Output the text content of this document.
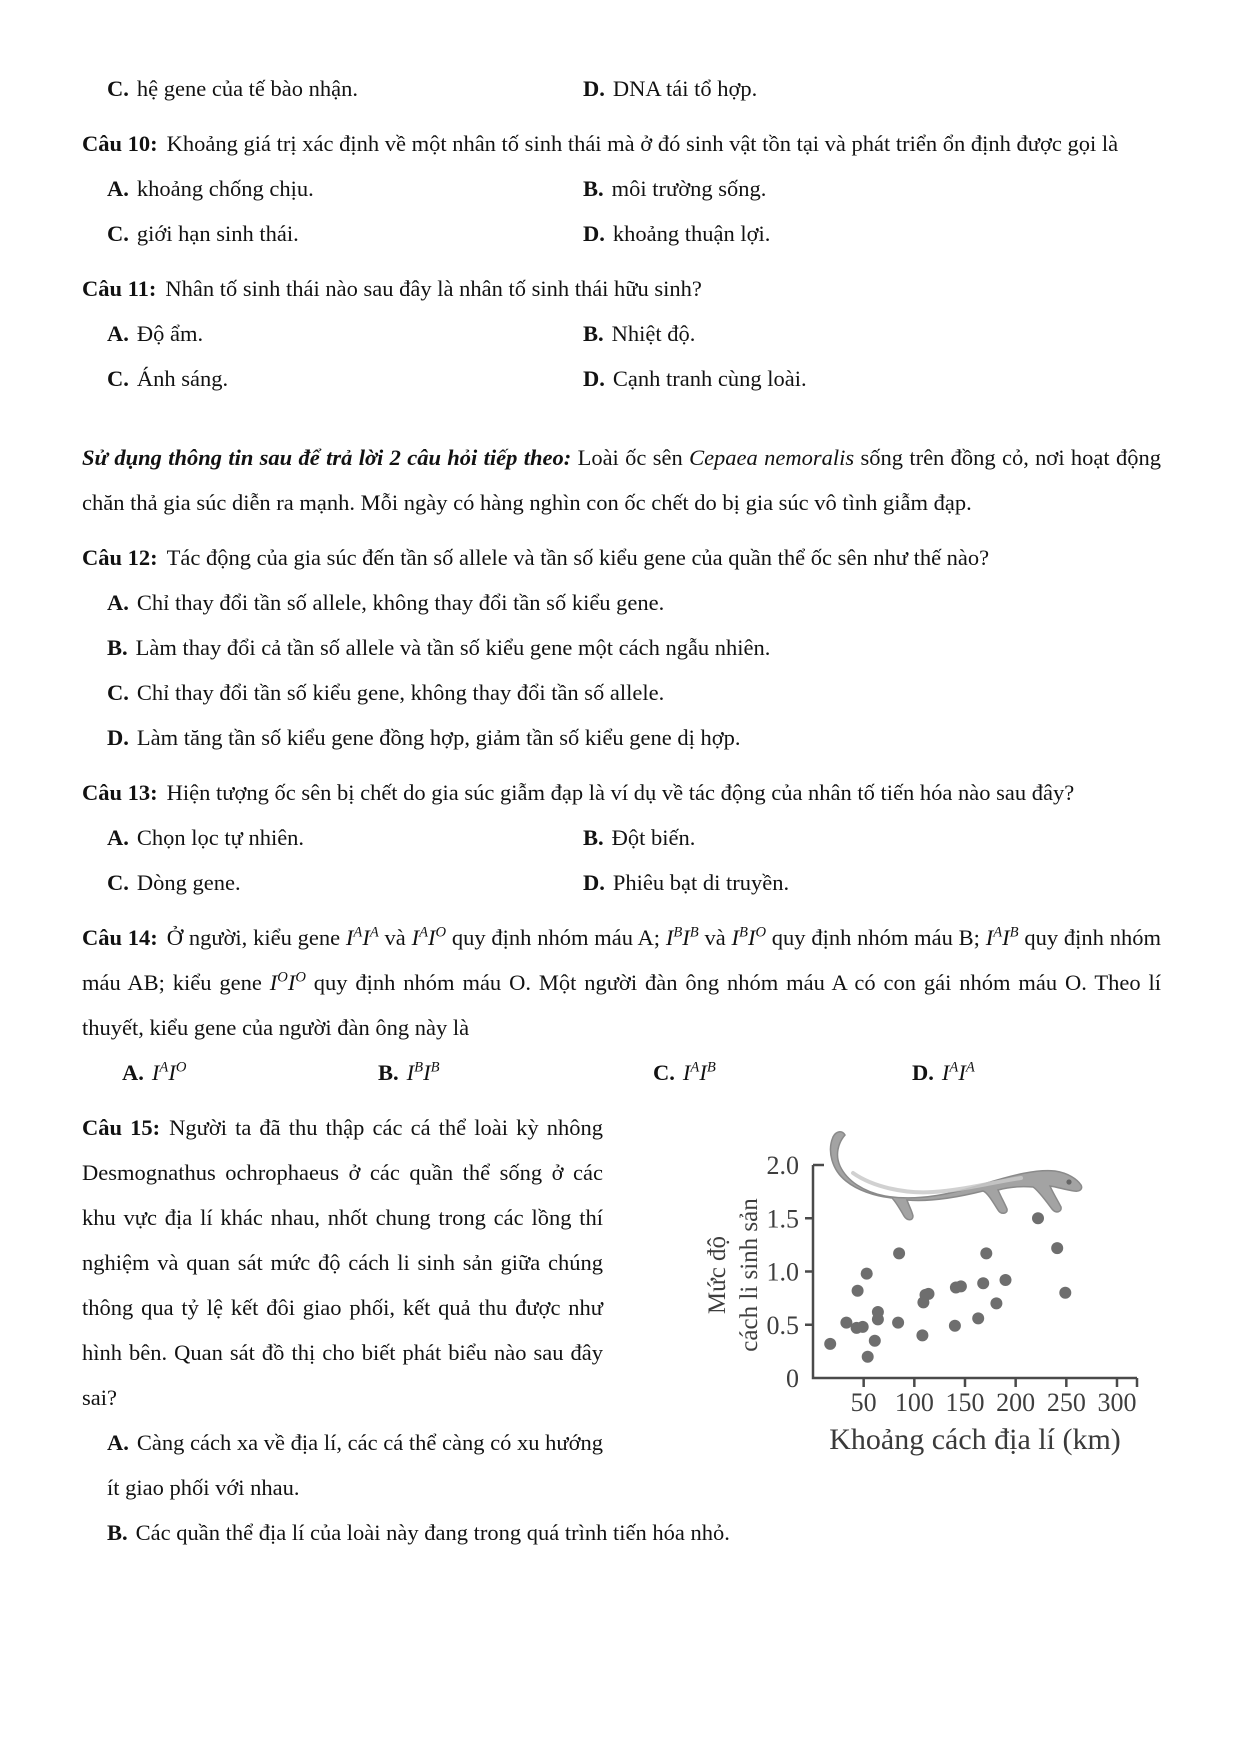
C. hệ gene của tế bào nhận.	D. DNA tái tổ hợp.

Câu 10: Khoảng giá trị xác định về một nhân tố sinh thái mà ở đó sinh vật tồn tại và phát triển ổn định được gọi là

A. khoảng chống chịu.	B. môi trường sống.
C. giới hạn sinh thái.	D. khoảng thuận lợi.

Câu 11: Nhân tố sinh thái nào sau đây là nhân tố sinh thái hữu sinh?

A. Độ ẩm.	B. Nhiệt độ.
C. Ánh sáng.	D. Cạnh tranh cùng loài.

Sử dụng thông tin sau để trả lời 2 câu hỏi tiếp theo: Loài ốc sên Cepaea nemoralis sống trên đồng cỏ, nơi hoạt động chăn thả gia súc diễn ra mạnh. Mỗi ngày có hàng nghìn con ốc chết do bị gia súc vô tình giẫm đạp.

Câu 12: Tác động của gia súc đến tần số allele và tần số kiểu gene của quần thể ốc sên như thế nào?

A. Chỉ thay đổi tần số allele, không thay đổi tần số kiểu gene.

B. Làm thay đổi cả tần số allele và tần số kiểu gene một cách ngẫu nhiên.

C. Chỉ thay đổi tần số kiểu gene, không thay đổi tần số allele.

D. Làm tăng tần số kiểu gene đồng hợp, giảm tần số kiểu gene dị hợp.

Câu 13: Hiện tượng ốc sên bị chết do gia súc giẫm đạp là ví dụ về tác động của nhân tố tiến hóa nào sau đây?

A. Chọn lọc tự nhiên.	B. Đột biến.
C. Dòng gene.	D. Phiêu bạt di truyền.

Câu 14: Ở người, kiểu gene $I^AI^A$ và $I^AI^O$ quy định nhóm máu A; $I^BI^B$ và $I^BI^O$ quy định nhóm máu B; $I^AI^B$ quy định nhóm máu AB; kiểu gene $I^OI^O$ quy định nhóm máu O. Một người đàn ông nhóm máu A có con gái nhóm máu O. Theo lí thuyết, kiểu gene của người đàn ông này là

A. $I^AI^O$	B. $I^BI^B$	C. $I^AI^B$	D. $I^AI^A$
50 100 150 200 250 300
0
0.5
1.0
1.5
2.0
Khoảng cách địa lí (km)
Mức độ cách li sinh sản

Câu 15: Người ta đã thu thập các cá thể loài kỳ nhông Desmognathus ochrophaeus ở các quần thể sống ở các khu vực địa lí khác nhau, nhốt chung trong các lồng thí nghiệm và quan sát mức độ cách li sinh sản giữa chúng thông qua tỷ lệ kết đôi giao phối, kết quả thu được như hình bên. Quan sát đồ thị cho biết phát biểu nào sau đây sai?

A. Càng cách xa về địa lí, các cá thể càng có xu hướng ít giao phối với nhau.

B. Các quần thể địa lí của loài này đang trong quá trình tiến hóa nhỏ.
